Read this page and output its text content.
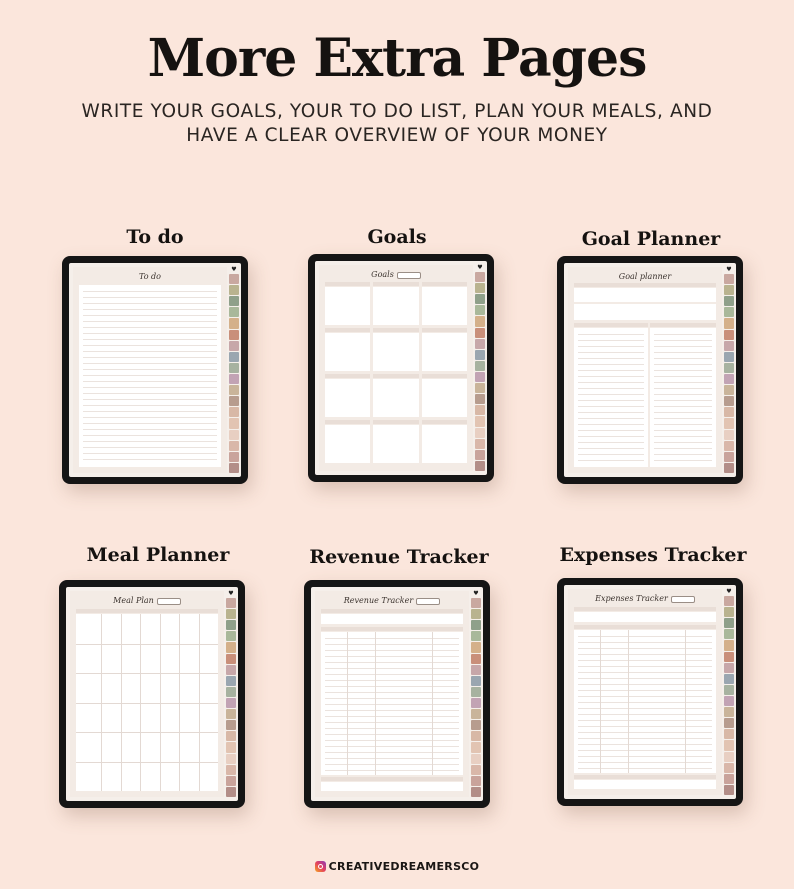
More Extra Pages
WRITE YOUR GOALS, YOUR TO DO LIST, PLAN YOUR MEALS, AND
HAVE A CLEAR OVERVIEW OF YOUR MONEY
To do
To do
♥
Goals
Goals
♥
Goal Planner
Goal planner
♥
Meal Planner
Meal Plan
♥
Revenue Tracker
Revenue Tracker
♥
Expenses Tracker
Expenses Tracker
♥
CREATIVEDREAMERSCO
